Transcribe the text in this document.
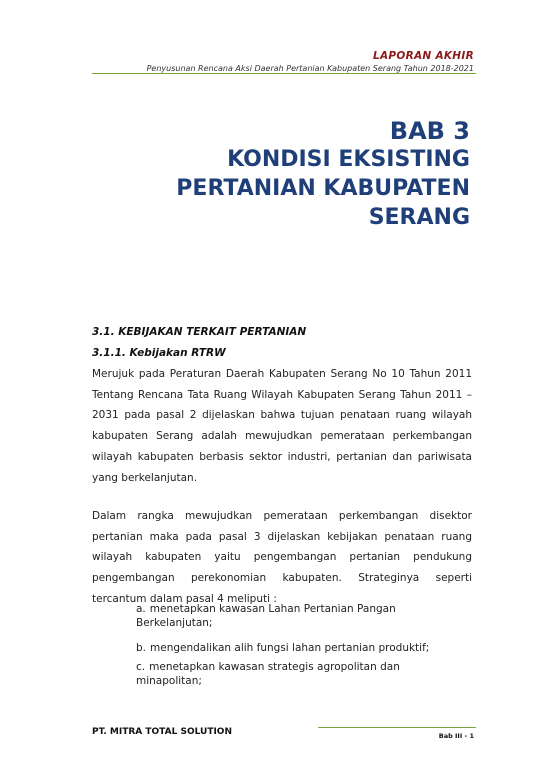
LAPORAN AKHIR
Penyusunan Rencana Aksi Daerah Pertanian Kabupaten Serang Tahun 2018-2021
BAB 3
KONDISI EKSISTING
PERTANIAN KABUPATEN
SERANG
3.1. KEBIJAKAN TERKAIT PERTANIAN
3.1.1. Kebijakan RTRW
Merujuk pada Peraturan Daerah Kabupaten Serang No 10 Tahun 2011 Tentang Rencana Tata Ruang Wilayah Kabupaten Serang Tahun 2011 – 2031 pada pasal 2 dijelaskan bahwa tujuan penataan ruang wilayah kabupaten Serang adalah mewujudkan pemerataan perkembangan wilayah kabupaten berbasis sektor industri, pertanian dan pariwisata yang berkelanjutan.
Dalam rangka mewujudkan pemerataan perkembangan disektor pertanian maka pada pasal 3 dijelaskan kebijakan penataan ruang wilayah kabupaten yaitu pengembangan pertanian pendukung pengembangan perekonomian kabupaten. Strateginya seperti tercantum dalam pasal 4 meliputi :
a. menetapkan kawasan Lahan Pertanian Pangan Berkelanjutan;
b. mengendalikan alih fungsi lahan pertanian produktif;
c. menetapkan kawasan strategis agropolitan dan minapolitan;
PT. MITRA TOTAL SOLUTION	Bab III - 1
